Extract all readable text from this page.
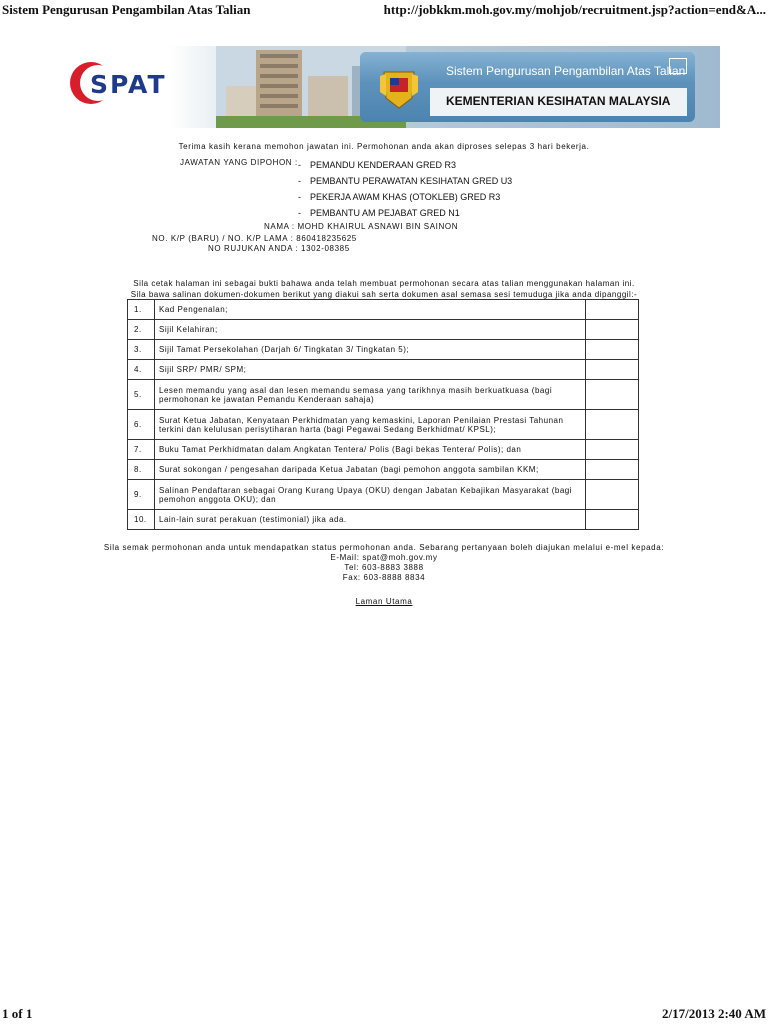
Sistem Pengurusan Pengambilan Atas Talian	http://jobkkm.moh.gov.my/mohjob/recruitment.jsp?action=end&A...
SPAT	Sistem Pengurusan Pengambilan Atas Talian
KEMENTERIAN KESIHATAN MALAYSIA
Terima kasih kerana memohon jawatan ini. Permohonan anda akan diproses selepas 3 hari bekerja.
JAWATAN YANG DIPOHON : - PEMANDU KENDERAAN GRED R3
- PEMBANTU PERAWATAN KESIHATAN GRED U3
- PEKERJA AWAM KHAS (OTOKLEB) GRED R3
- PEMBANTU AM PEJABAT GRED N1
NAMA : MOHD KHAIRUL ASNAWI BIN SAINON
NO. K/P (BARU) / NO. K/P LAMA : 860418235625
NO RUJUKAN ANDA : 1302-08385
Sila cetak halaman ini sebagai bukti bahawa anda telah membuat permohonan secara atas talian menggunakan halaman ini.
Sila bawa salinan dokumen-dokumen berikut yang diakui sah serta dokumen asal semasa sesi temuduga jika anda dipanggil:-
1.	Kad Pengenalan;	
2.	Sijil Kelahiran;	
3.	Sijil Tamat Persekolahan (Darjah 6/ Tingkatan 3/ Tingkatan 5);	
4.	Sijil SRP/ PMR/ SPM;	
5.	Lesen memandu yang asal dan lesen memandu semasa yang tarikhnya masih berkuatkuasa (bagi permohonan ke jawatan Pemandu Kenderaan sahaja)	
6.	Surat Ketua Jabatan, Kenyataan Perkhidmatan yang kemaskini, Laporan Penilaian Prestasi Tahunan terkini dan kelulusan perisytiharan harta (bagi Pegawai Sedang Berkhidmat/ KPSL);	
7.	Buku Tamat Perkhidmatan dalam Angkatan Tentera/ Polis (Bagi bekas Tentera/ Polis); dan	
8.	Surat sokongan / pengesahan daripada Ketua Jabatan (bagi pemohon anggota sambilan KKM;	
9.	Salinan Pendaftaran sebagai Orang Kurang Upaya (OKU) dengan Jabatan Kebajikan Masyarakat (bagi pemohon anggota OKU); dan	
10.	Lain-lain surat perakuan (testimonial) jika ada.	
Sila semak permohonan anda untuk mendapatkan status permohonan anda. Sebarang pertanyaan boleh diajukan melalui e-mel kepada:
E-Mail: spat@moh.gov.my
Tel: 603-8883 3888
Fax: 603-8888 8834
Laman Utama
1 of 1	2/17/2013 2:40 AM
